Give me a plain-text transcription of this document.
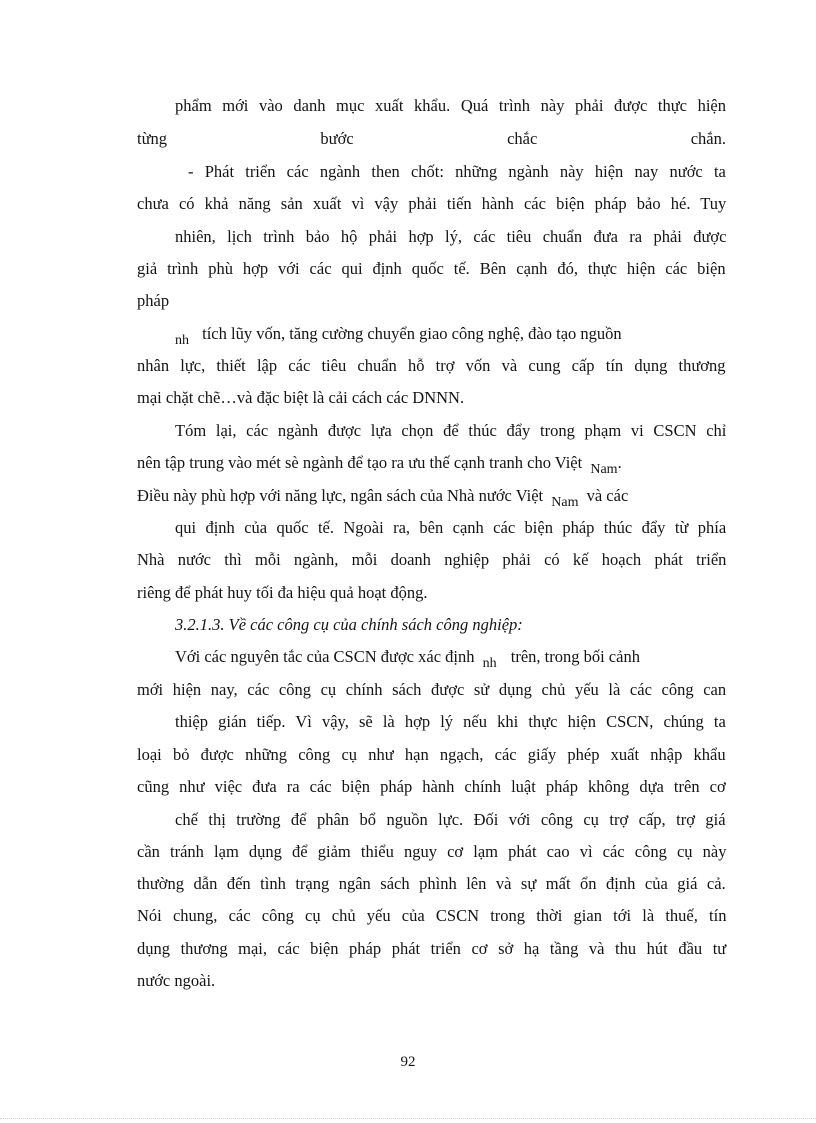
phẩm mới vào danh mục xuất khẩu. Quá trình này phải được thực hiện
từng	bước	chắc	chắn.
- Phát triển các ngành then chốt: những ngành này hiện nay nước ta
chưa có khả năng sản xuất vì vậy phải tiến hành các biện pháp bảo hé. Tuy
nhiên, lịch trình bảo hộ phải hợp lý, các tiêu chuẩn đưa ra phải được
giả trình phù hợp với các qui định quốc tế. Bên cạnh đó, thực hiện các biện
pháp
$_{nh}$ tích lũy vốn, tăng cường chuyển giao công nghệ, đào tạo nguồn
nhân lực, thiết lập các tiêu chuẩn hỗ trợ vốn và cung cấp tín dụng thương
mại chặt chẽ…và đặc biệt là cải cách các DNNN.
Tóm lại, các ngành được lựa chọn để thúc đẩy trong phạm vi CSCN chỉ
nên tập trung vào mét sè ngành để tạo ra ưu thế cạnh tranh cho Việt $_{Nam}$.
Điều này phù hợp với năng lực, ngân sách của Nhà nước Việt $_{Nam}$ và các
qui định của quốc tế. Ngoài ra, bên cạnh các biện pháp thúc đẩy từ phía
Nhà nước thì mỗi ngành, mỗi doanh nghiệp phải có kế hoạch phát triển
riêng để phát huy tối đa hiệu quả hoạt động.
3.2.1.3. Về các công cụ của chính sách công nghiệp:
Với các nguyên tắc của CSCN được xác định $_{nh}$ trên, trong bối cảnh
mới hiện nay, các công cụ chính sách được sử dụng chủ yếu là các công can
thiệp gián tiếp. Vì vậy, sẽ là hợp lý nếu khi thực hiện CSCN, chúng ta
loại bỏ được những công cụ như hạn ngạch, các giấy phép xuất nhập khẩu
cũng như việc đưa ra các biện pháp hành chính luật pháp không dựa trên cơ
chế thị trường để phân bổ nguồn lực. Đối với công cụ trợ cấp, trợ giá
cần tránh lạm dụng để giảm thiểu nguy cơ lạm phát cao vì các công cụ này
thường dẫn đến tình trạng ngân sách phình lên và sự mất ổn định của giá cả.
Nói chung, các công cụ chủ yếu của CSCN trong thời gian tới là thuế, tín
dụng thương mại, các biện pháp phát triển cơ sở hạ tầng và thu hút đầu tư
nước ngoài.
92
